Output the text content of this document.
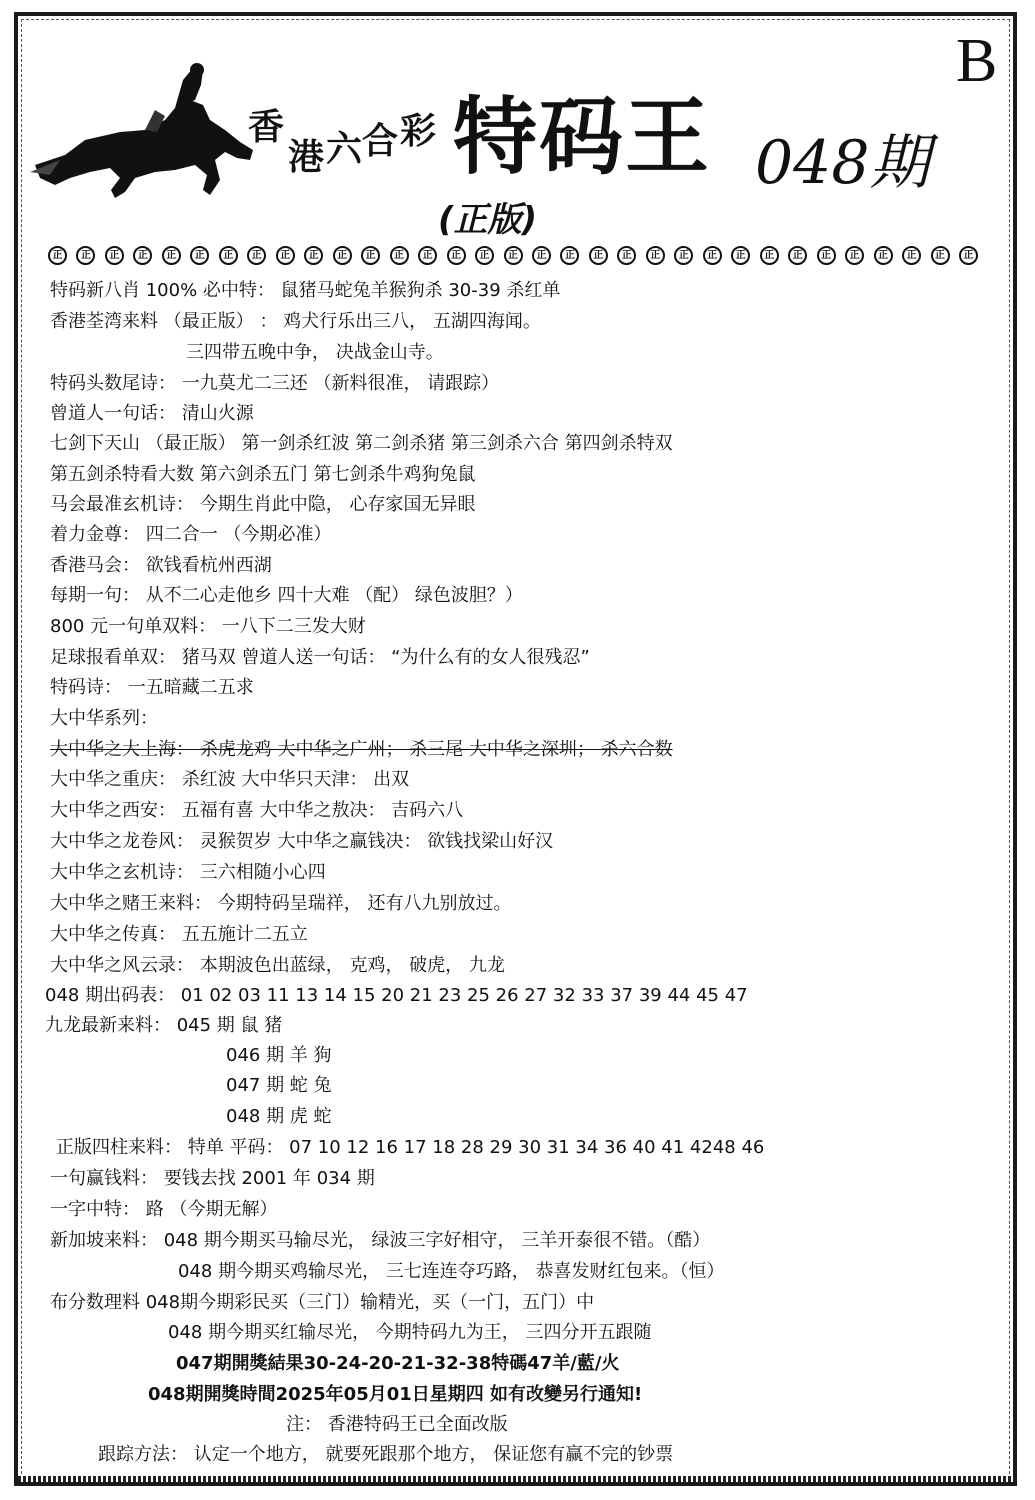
B
香
港 六 合 彩 特码王 048期
(正版)
正	正	正	正	正	正	正	正	正	正	正	正	正	正	正	正	正	正	正	正	正	正	正	正	正	正	正	正	正	正	正	正	正
特码新八肖 100% 必中特： 鼠猪马蛇兔羊猴狗杀 30-39 杀红单
香港荃湾来料 （最正版） ： 鸡犬行乐出三八， 五湖四海闻。
三四带五晚中争， 决战金山寺。
特码头数尾诗： 一九莫尤二三还 （新料很准， 请跟踪）
曾道人一句话： 清山火源
七剑下天山 （最正版） 第一剑杀红波 第二剑杀猪 第三剑杀六合 第四剑杀特双
第五剑杀特看大数 第六剑杀五门 第七剑杀牛鸡狗兔鼠
马会最准玄机诗： 今期生肖此中隐， 心存家国无异眼
着力金尊： 四二合一 （今期必准）
香港马会： 欲钱看杭州西湖
每期一句： 从不二心走他乡 四十大难 （配） 绿色波胆？）
800 元一句单双料： 一八下二三发大财
足球报看单双： 猪马双 曾道人送一句话： “为什么有的女人很残忍”
特码诗： 一五暗藏二五求
大中华系列：
大中华之大上海： 杀虎龙鸡 大中华之广州； 杀三尾 大中华之深圳； 杀六合数
大中华之重庆： 杀红波 大中华只天津： 出双
大中华之西安： 五福有喜 大中华之敖决： 吉码六八
大中华之龙卷风： 灵猴贺岁 大中华之赢钱决： 欲钱找梁山好汉
大中华之玄机诗： 三六相随小心四
大中华之赌王来料： 今期特码呈瑞祥， 还有八九别放过。
大中华之传真： 五五施计二五立
大中华之风云录： 本期波色出蓝绿， 克鸡， 破虎， 九龙
048 期出码表： 01 02 03 11 13 14 15 20 21 23 25 26 27 32 33 37 39 44 45 47
九龙最新来料： 045 期 鼠 猪
046 期 羊 狗
047 期 蛇 兔
048 期 虎 蛇
正版四柱来料： 特单 平码： 07 10 12 16 17 18 28 29 30 31 34 36 40 41 4248 46
一句赢钱料： 要钱去找 2001 年 034 期
一字中特： 路 （今期无解）
新加坡来料： 048 期今期买马输尽光， 绿波三字好相守， 三羊开泰很不错。（酷）
048 期今期买鸡输尽光， 三七连连夺巧路， 恭喜发财红包来。（恒）
布分数理料 048期今期彩民买（三门）输精光，买（一门，五门）中
048 期今期买红输尽光， 今期特码九为王， 三四分开五跟随
047期開獎結果30-24-20-21-32-38特碼47羊/藍/火
048期開獎時間2025年05月01日星期四 如有改變另行通知!
注： 香港特码王已全面改版
跟踪方法： 认定一个地方， 就要死跟那个地方， 保证您有赢不完的钞票
